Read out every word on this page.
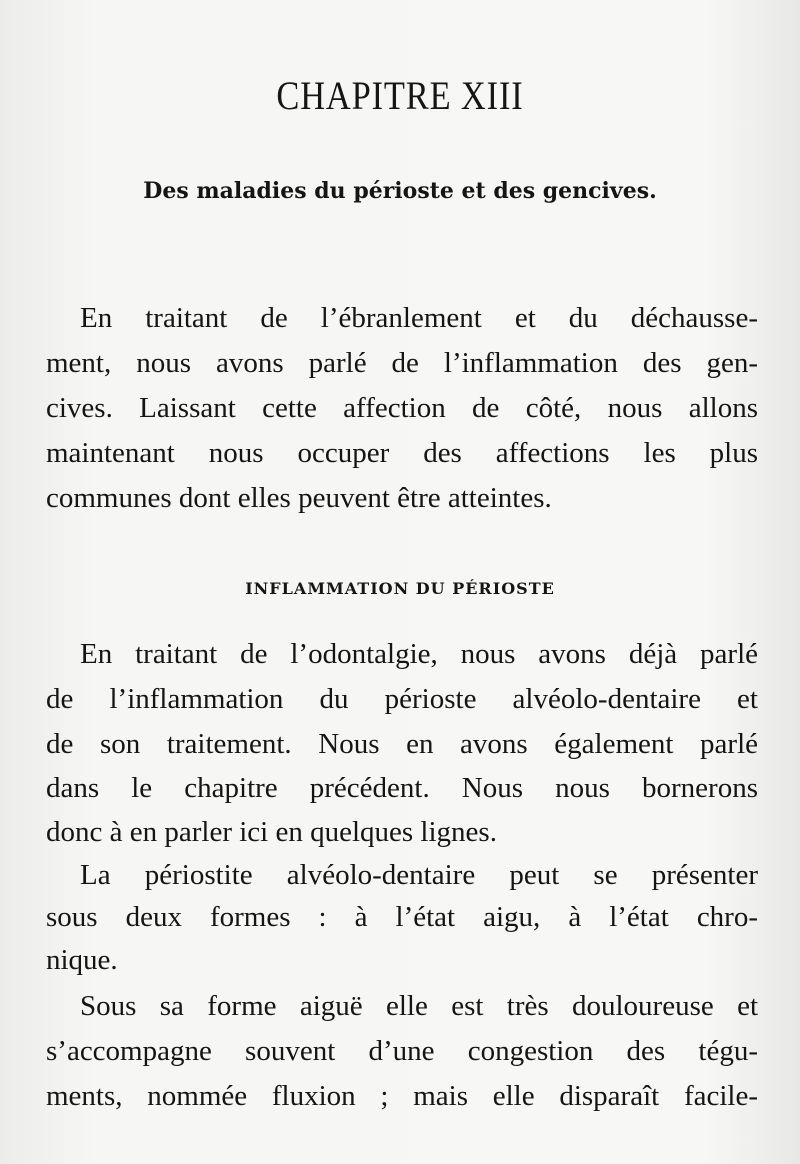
CHAPITRE XIII
Des maladies du périoste et des gencives.
En traitant de l’ébranlement et du déchausse-
ment, nous avons parlé de l’inflammation des gen-
cives. Laissant cette affection de côté, nous allons
maintenant nous occuper des affections les plus
communes dont elles peuvent être atteintes.
INFLAMMATION DU PÉRIOSTE
En traitant de l’odontalgie, nous avons déjà parlé
de l’inflammation du périoste alvéolo-dentaire et
de son traitement. Nous en avons également parlé
dans le chapitre précédent. Nous nous bornerons
donc à en parler ici en quelques lignes.
La périostite alvéolo-dentaire peut se présenter
sous deux formes : à l’état aigu, à l’état chro-
nique.
Sous sa forme aiguë elle est très douloureuse et
s’accompagne souvent d’une congestion des tégu-
ments, nommée fluxion ; mais elle disparaît facile-
